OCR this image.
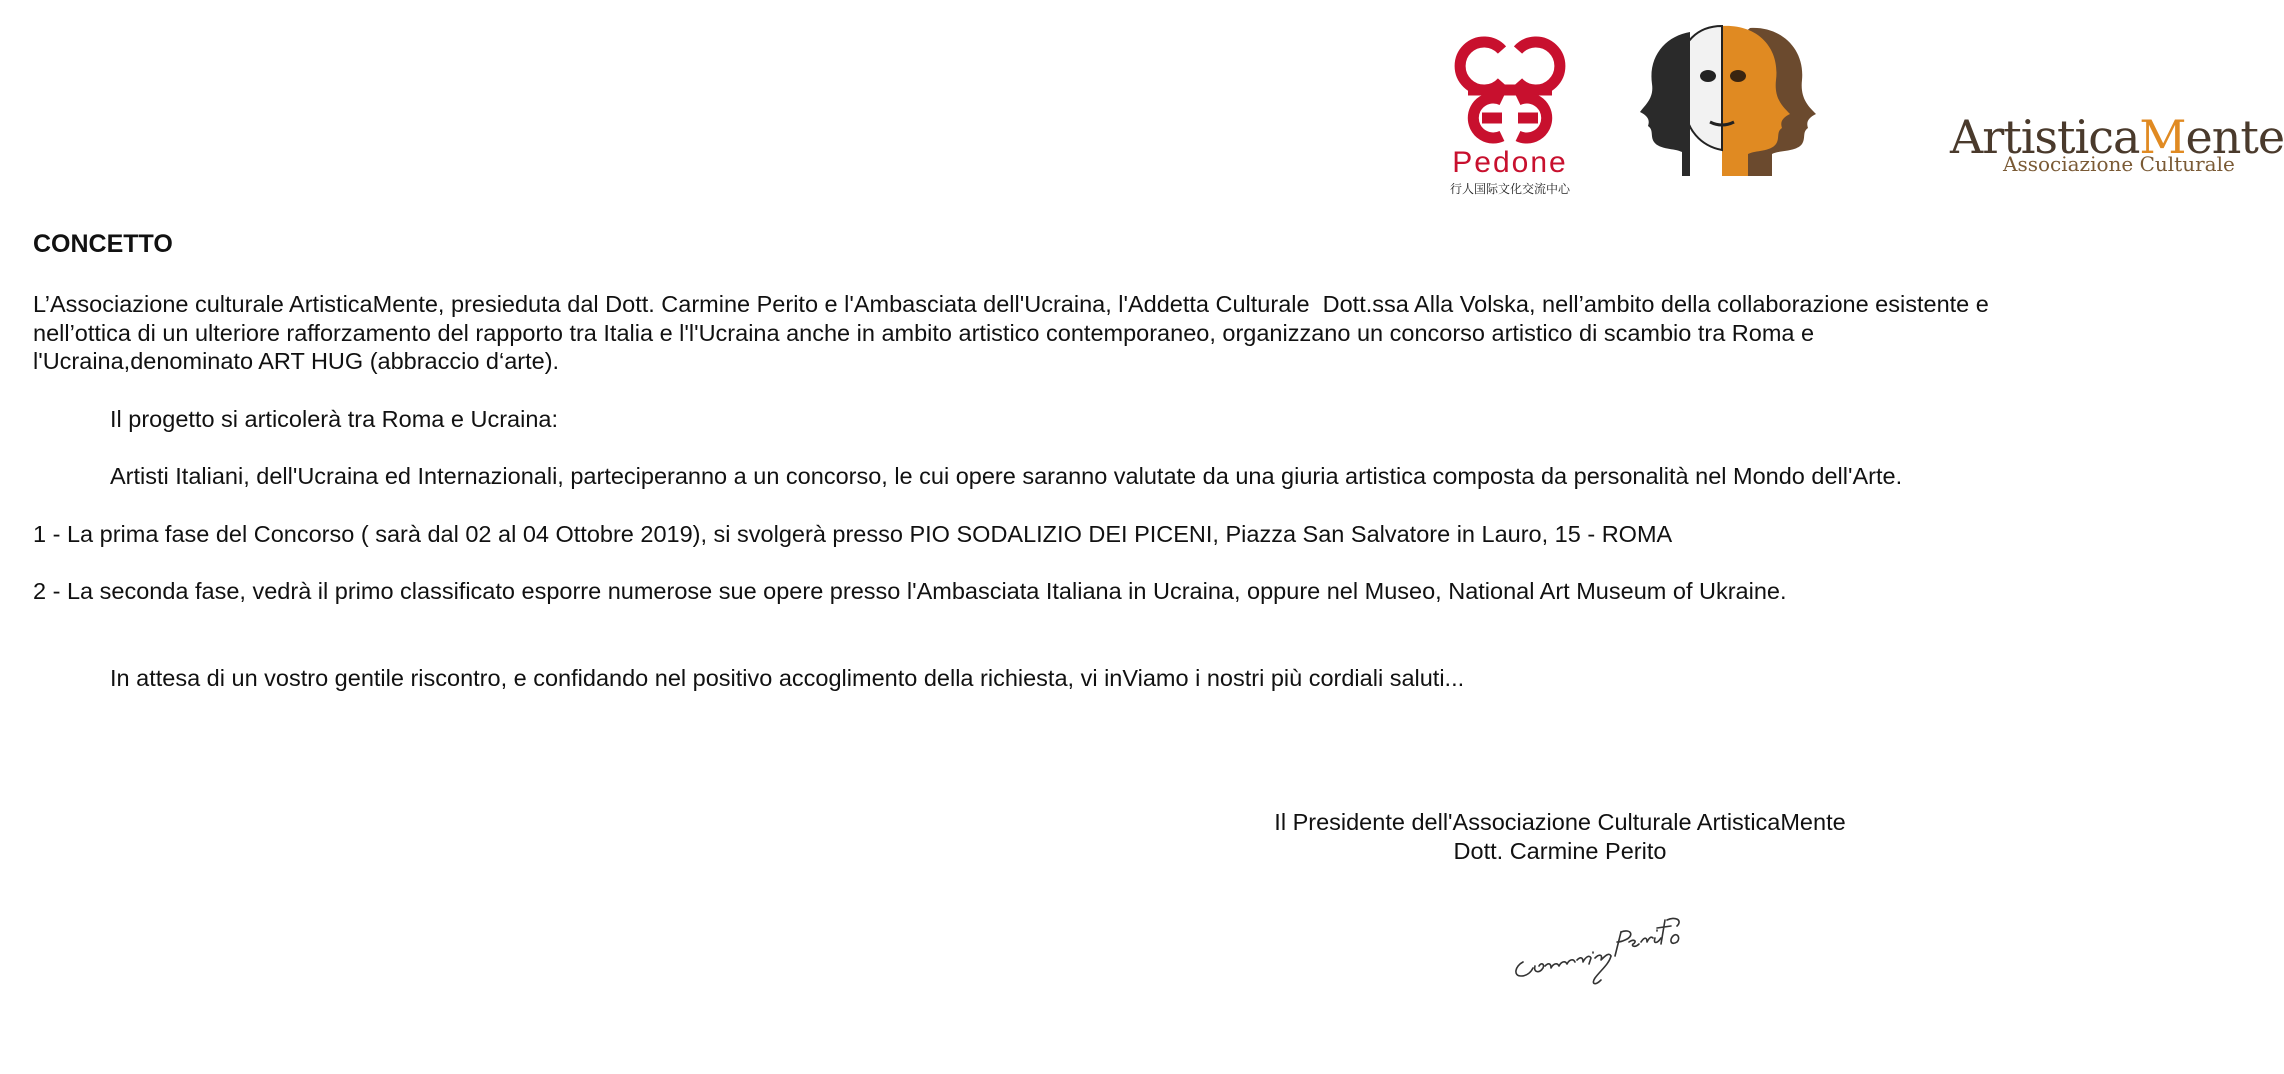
Pedone
行人国际文化交流中心
ArtisticaMente
Associazione Culturale
CONCETTO

L’Associazione culturale ArtisticaMente, presieduta dal Dott. Carmine Perito e l'Ambasciata dell'Ucraina, l'Addetta Culturale  Dott.ssa Alla Volska, nell’ambito della collaborazione esistente e nell’ottica di un ulteriore rafforzamento del rapporto tra Italia e l'l'Ucraina anche in ambito artistico contemporaneo, organizzano un concorso artistico di scambio tra Roma e l'Ucraina,denominato ART HUG (abbraccio d‘arte).

Il progetto si articolerà tra Roma e Ucraina:

Artisti Italiani, dell'Ucraina ed Internazionali, parteciperanno a un concorso, le cui opere saranno valutate da una giuria artistica composta da personalità nel Mondo dell'Arte.

1 - La prima fase del Concorso ( sarà dal 02 al 04 Ottobre 2019), si svolgerà presso PIO SODALIZIO DEI PICENI, Piazza San Salvatore in Lauro, 15 - ROMA

2 - La seconda fase, vedrà il primo classificato esporre numerose sue opere presso l'Ambasciata Italiana in Ucraina, oppure nel Museo, National Art Museum of Ukraine.

In attesa di un vostro gentile riscontro, e confidando nel positivo accoglimento della richiesta, vi inViamo i nostri più cordiali saluti...

Il Presidente dell'Associazione Culturale ArtisticaMente
Dott. Carmine Perito
